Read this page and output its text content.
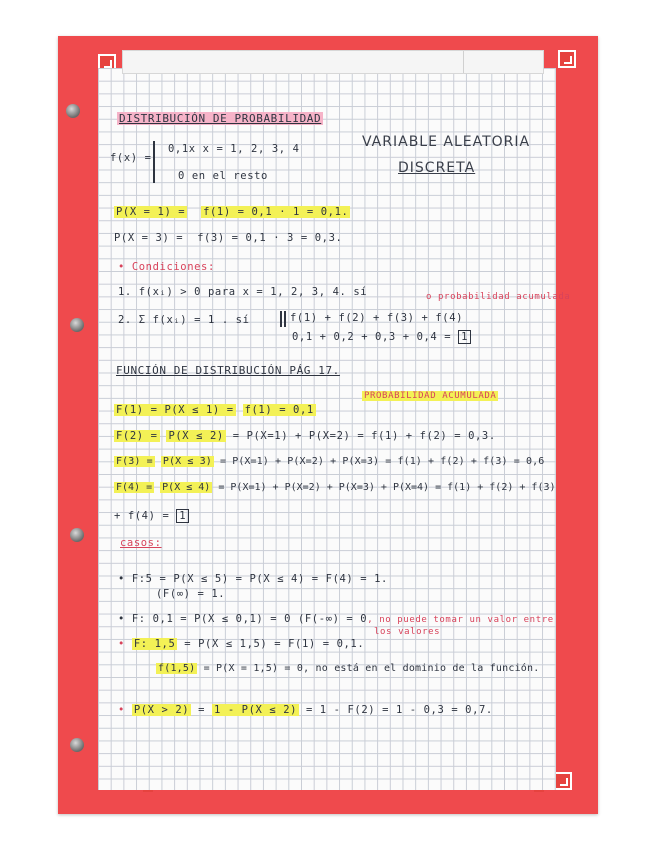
DISTRIBUCIÓN DE PROBABILIDAD
VARIABLE ALEATORIA
DISCRETA
f(x) =
0,1x x = 1, 2, 3, 4
0 en el resto
P(X = 1) = f(1) = 0,1 · 1 = 0,1.
P(X = 3) = f(3) = 0,1 · 3 = 0,3.
• Condiciones:
1. f(xᵢ) > 0 para x = 1, 2, 3, 4. sí	o probabilidad acumulada
2. Σ f(xᵢ) = 1 . sí	f(1) + f(2) + f(3) + f(4)
0,1 + 0,2 + 0,3 + 0,4 = 1
FUNCIÓN DE DISTRIBUCIÓN PÁG 17.
PROBABILIDAD ACUMULADA
F(1) = P(X ≤ 1) = f(1) = 0,1
F(2) = P(X ≤ 2) = P(X=1) + P(X=2) = f(1) + f(2) = 0,3.
F(3) = P(X ≤ 3) = P(X=1) + P(X=2) + P(X=3) = f(1) + f(2) + f(3) = 0,6
F(4) = P(X ≤ 4) = P(X=1) + P(X=2) + P(X=3) + P(X=4) = f(1) + f(2) + f(3)
+ f(4) = 1
casos:
• F:5 = P(X ≤ 5) = P(X ≤ 4) = F(4) = 1.
(F(∞) = 1.
• F: 0,1 = P(X ≤ 0,1) = 0 (F(-∞) = 0, no puede tomar un valor entre
los valores
• F: 1,5 = P(X ≤ 1,5) = F(1) = 0,1.
f(1,5) = P(X = 1,5) = 0, no está en el dominio de la función.
• P(X > 2) = 1 - P(X ≤ 2) = 1 - F(2) = 1 - 0,3 = 0,7.
